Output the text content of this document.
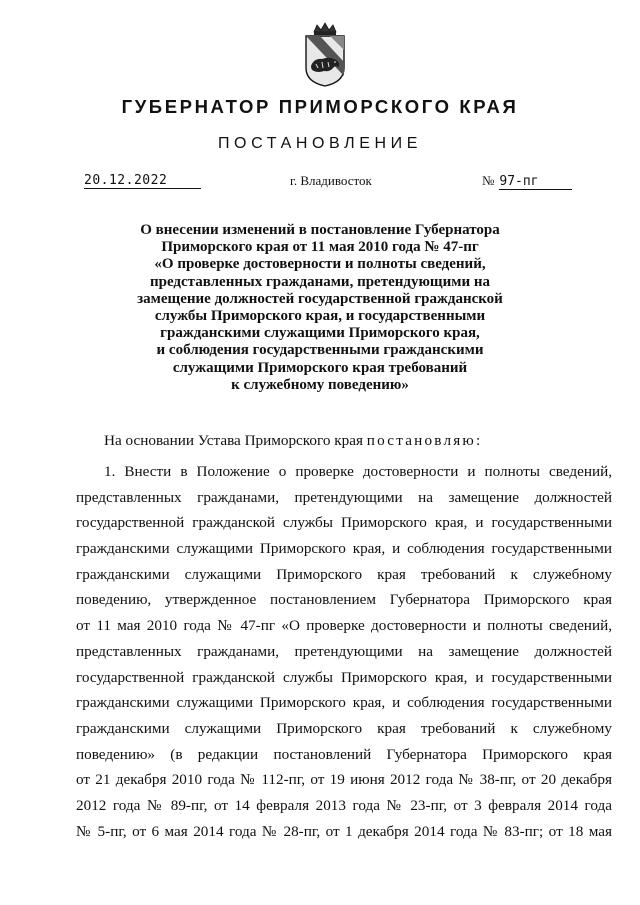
ГУБЕРНАТОР ПРИМОРСКОГО КРАЯ
ПОСТАНОВЛЕНИЕ
20.12.2022	г. Владивосток	№ 97-пг
О внесении изменений в постановление Губернатора
Приморского края от 11 мая 2010 года № 47-пг
«О проверке достоверности и полноты сведений,
представленных гражданами, претендующими на
замещение должностей государственной гражданской
службы Приморского края, и государственными
гражданскими служащими Приморского края,
и соблюдения государственными гражданскими
служащими Приморского края требований
к служебному поведению»
На основании Устава Приморского края постановляю:
1. Внести в Положение о проверке достоверности и полноты сведений,
представленных гражданами, претендующими на замещение должностей
государственной гражданской службы Приморского края, и государственными
гражданскими служащими Приморского края, и соблюдения государственными
гражданскими служащими Приморского края требований к служебному
поведению, утвержденное постановлением Губернатора Приморского края
от 11 мая 2010 года № 47-пг «О проверке достоверности и полноты сведений,
представленных гражданами, претендующими на замещение должностей
государственной гражданской службы Приморского края, и государственными
гражданскими служащими Приморского края, и соблюдения государственными
гражданскими служащими Приморского края требований к служебному
поведению» (в редакции постановлений Губернатора Приморского края
от 21 декабря 2010 года № 112-пг, от 19 июня 2012 года № 38-пг, от 20 декабря
2012 года № 89-пг, от 14 февраля 2013 года № 23-пг, от 3 февраля 2014 года
№ 5-пг, от 6 мая 2014 года № 28-пг, от 1 декабря 2014 года № 83-пг; от 18 мая
